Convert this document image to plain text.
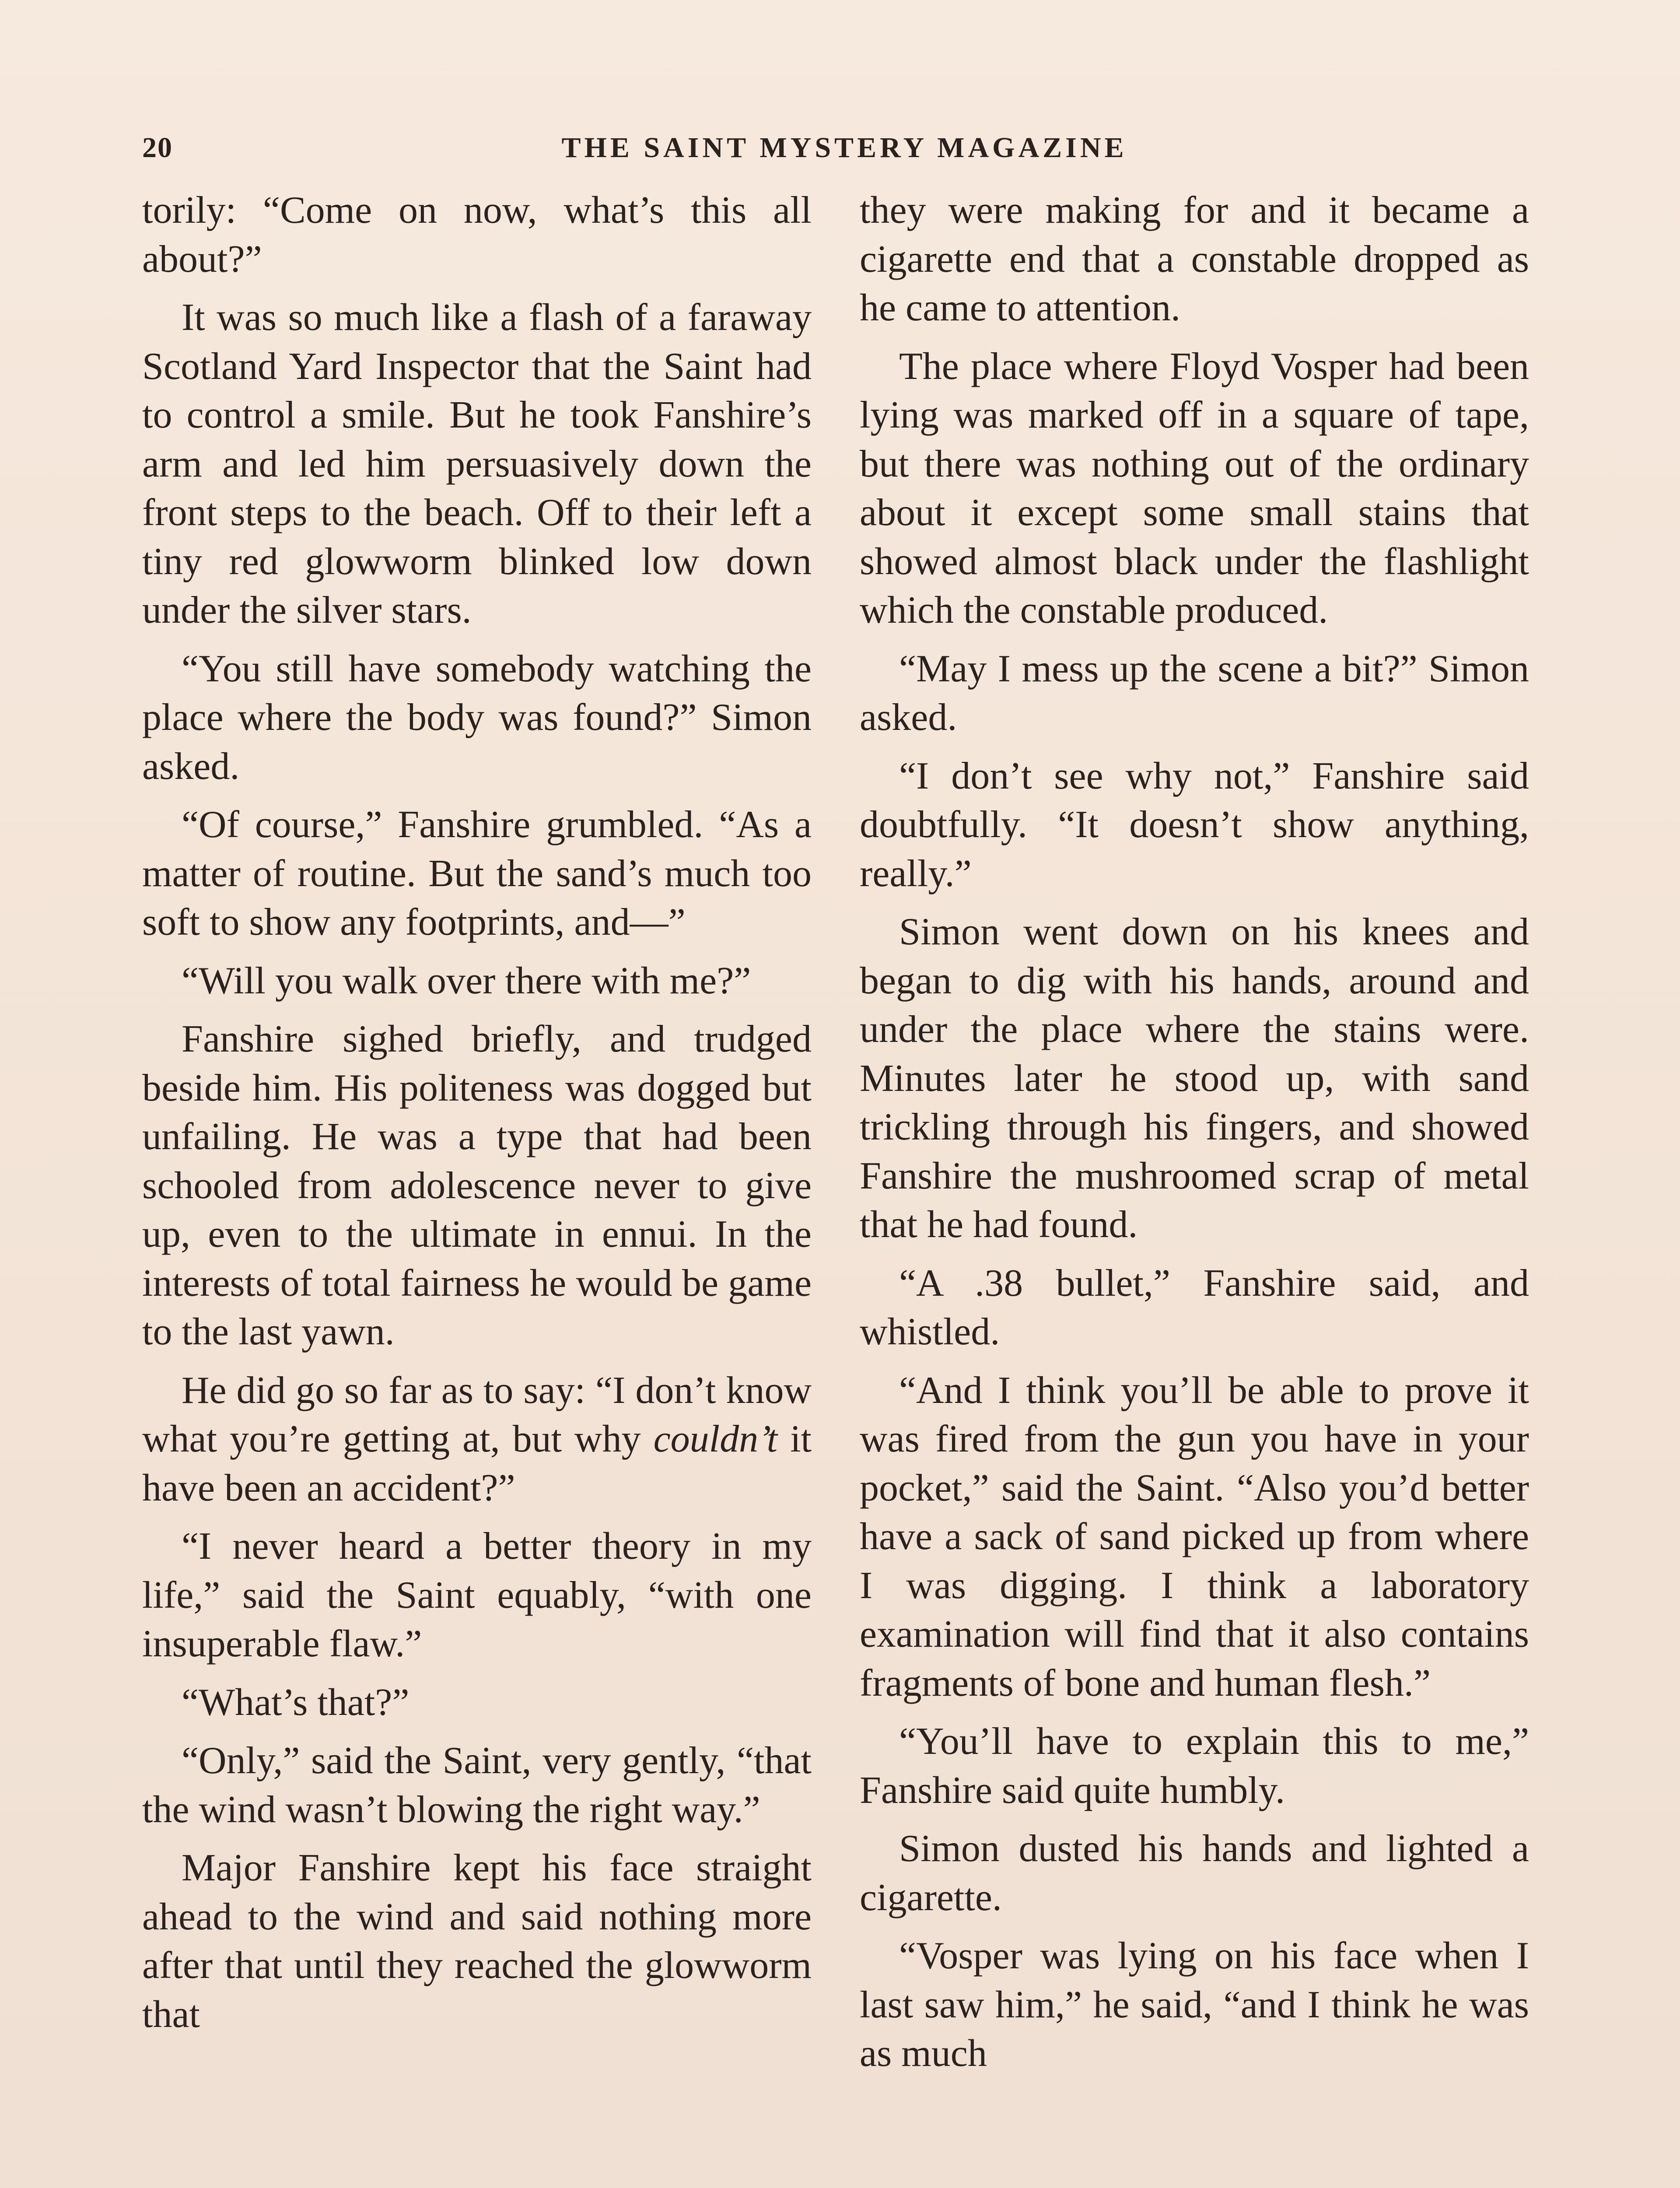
20	THE SAINT MYSTERY MAGAZINE

torily: “Come on now, what’s this all about?”

It was so much like a flash of a faraway Scotland Yard Inspector that the Saint had to control a smile. But he took Fanshire’s arm and led him persuasively down the front steps to the beach. Off to their left a tiny red glowworm blinked low down under the silver stars.

“You still have somebody watching the place where the body was found?” Simon asked.

“Of course,” Fanshire grumbled. “As a matter of routine. But the sand’s much too soft to show any footprints, and—”

“Will you walk over there with me?”

Fanshire sighed briefly, and trudged beside him. His politeness was dogged but unfailing. He was a type that had been schooled from adolescence never to give up, even to the ultimate in ennui. In the interests of total fairness he would be game to the last yawn.

He did go so far as to say: “I don’t know what you’re getting at, but why couldn’t it have been an accident?”

“I never heard a better theory in my life,” said the Saint equably, “with one insuperable flaw.”

“What’s that?”

“Only,” said the Saint, very gently, “that the wind wasn’t blowing the right way.”

Major Fanshire kept his face straight ahead to the wind and said nothing more after that until they reached the glowworm that

they were making for and it became a cigarette end that a constable dropped as he came to attention.

The place where Floyd Vosper had been lying was marked off in a square of tape, but there was nothing out of the ordinary about it except some small stains that showed almost black under the flashlight which the constable produced.

“May I mess up the scene a bit?” Simon asked.

“I don’t see why not,” Fanshire said doubtfully. “It doesn’t show anything, really.”

Simon went down on his knees and began to dig with his hands, around and under the place where the stains were. Minutes later he stood up, with sand trickling through his fingers, and showed Fanshire the mushroomed scrap of metal that he had found.

“A .38 bullet,” Fanshire said, and whistled.

“And I think you’ll be able to prove it was fired from the gun you have in your pocket,” said the Saint. “Also you’d better have a sack of sand picked up from where I was digging. I think a laboratory examination will find that it also contains fragments of bone and human flesh.”

“You’ll have to explain this to me,” Fanshire said quite humbly.

Simon dusted his hands and lighted a cigarette.

“Vosper was lying on his face when I last saw him,” he said, “and I think he was as much
